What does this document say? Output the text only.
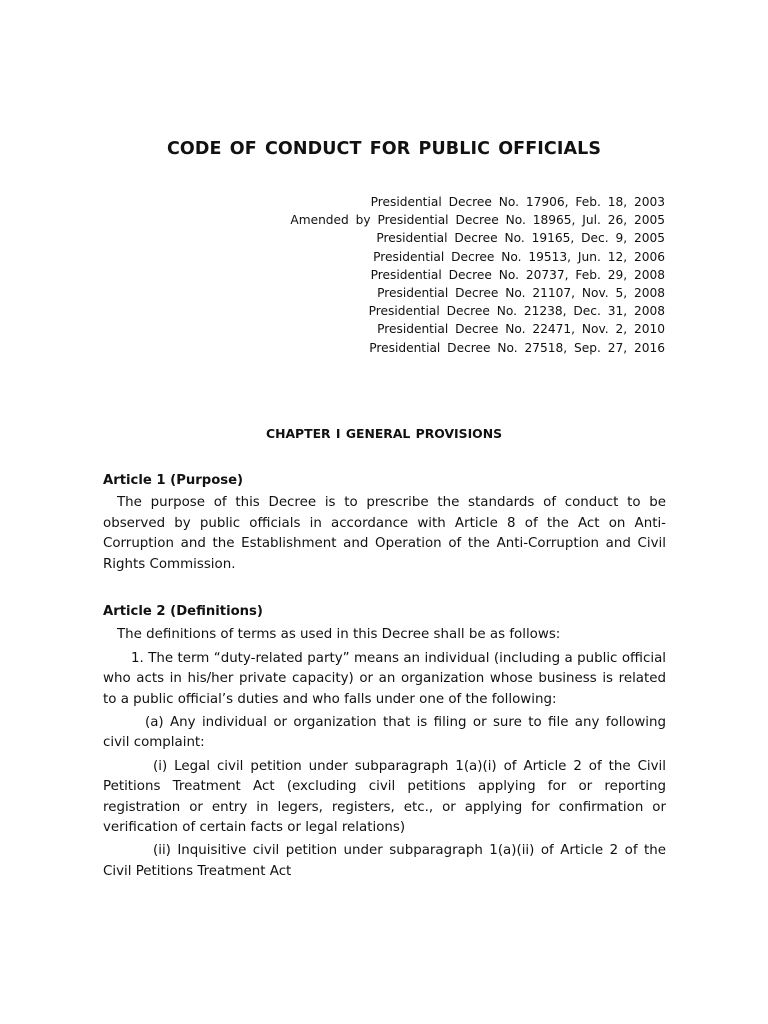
CODE OF CONDUCT FOR PUBLIC OFFICIALS
Presidential Decree No. 17906, Feb. 18, 2003
Amended by Presidential Decree No. 18965, Jul. 26, 2005
Presidential Decree No. 19165, Dec. 9, 2005
Presidential Decree No. 19513, Jun. 12, 2006
Presidential Decree No. 20737, Feb. 29, 2008
Presidential Decree No. 21107, Nov. 5, 2008
Presidential Decree No. 21238, Dec. 31, 2008
Presidential Decree No. 22471, Nov. 2, 2010
Presidential Decree No. 27518, Sep. 27, 2016
CHAPTER I GENERAL PROVISIONS

Article 1 (Purpose)

The purpose of this Decree is to prescribe the standards of conduct to be observed by public officials in accordance with Article 8 of the Act on Anti-Corruption and the Establishment and Operation of the Anti-Corruption and Civil Rights Commission.

Article 2 (Definitions)

The definitions of terms as used in this Decree shall be as follows:

1. The term “duty-related party” means an individual (including a public official who acts in his/her private capacity) or an organization whose business is related to a public official’s duties and who falls under one of the following:

(a) Any individual or organization that is filing or sure to file any following civil complaint:

(i) Legal civil petition under subparagraph 1(a)(i) of Article 2 of the Civil Petitions Treatment Act (excluding civil petitions applying for or reporting registration or entry in legers, registers, etc., or applying for confirmation or verification of certain facts or legal relations)

(ii) Inquisitive civil petition under subparagraph 1(a)(ii) of Article 2 of the Civil Petitions Treatment Act
